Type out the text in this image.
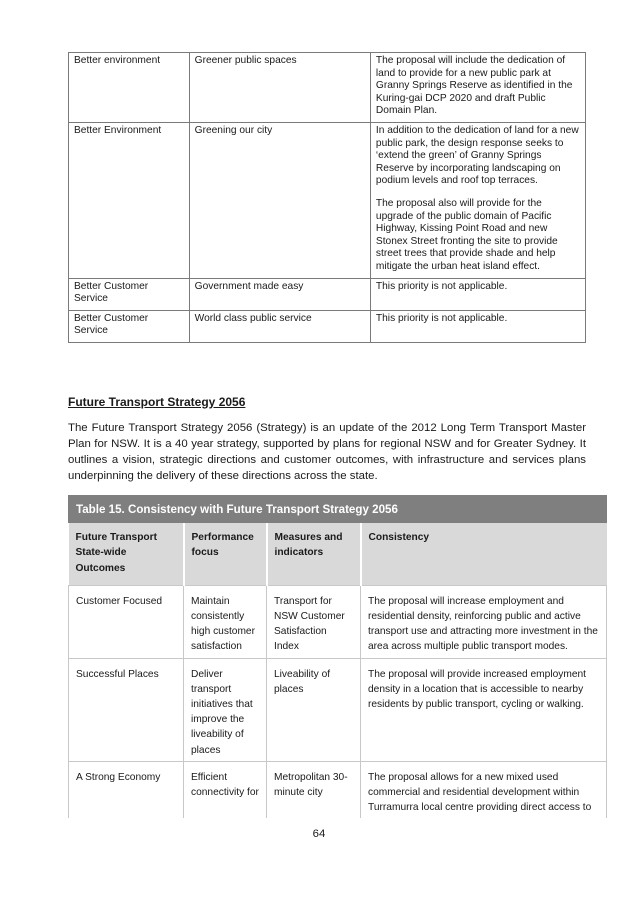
Better environment	Greener public spaces	The proposal will include the dedication of land to provide for a new public park at Granny Springs Reserve as identified in the Kuring-gai DCP 2020 and draft Public Domain Plan.

Better Environment	Greening our city	In addition to the dedication of land for a new public park, the design response seeks to ‘extend the green’ of Granny Springs Reserve by incorporating landscaping on podium levels and roof top terraces.

The proposal also will provide for the upgrade of the public domain of Pacific Highway, Kissing Point Road and new Stonex Street fronting the site to provide street trees that provide shade and help mitigate the urban heat island effect.

Better Customer Service	Government made easy	This priority is not applicable.

Better Customer Service	World class public service	This priority is not applicable.

Future Transport Strategy 2056

The Future Transport Strategy 2056 (Strategy) is an update of the 2012 Long Term Transport Master Plan for NSW. It is a 40 year strategy, supported by plans for regional NSW and for Greater Sydney. It outlines a vision, strategic directions and customer outcomes, with infrastructure and services plans underpinning the delivery of these directions across the state.

Table 15. Consistency with Future Transport Strategy 2056
Future Transport State-wide Outcomes	Performance focus	Measures and indicators	Consistency
Customer Focused	Maintain consistently high customer satisfaction	Transport for NSW Customer Satisfaction Index	The proposal will increase employment and residential density, reinforcing public and active transport use and attracting more investment in the area across multiple public transport modes.
Successful Places	Deliver transport initiatives that improve the liveability of places	Liveability of places	The proposal will provide increased employment density in a location that is accessible to nearby residents by public transport, cycling or walking.
A Strong Economy	Efficient connectivity for	Metropolitan 30-minute city	The proposal allows for a new mixed used commercial and residential development within Turramurra local centre providing direct access to
64
